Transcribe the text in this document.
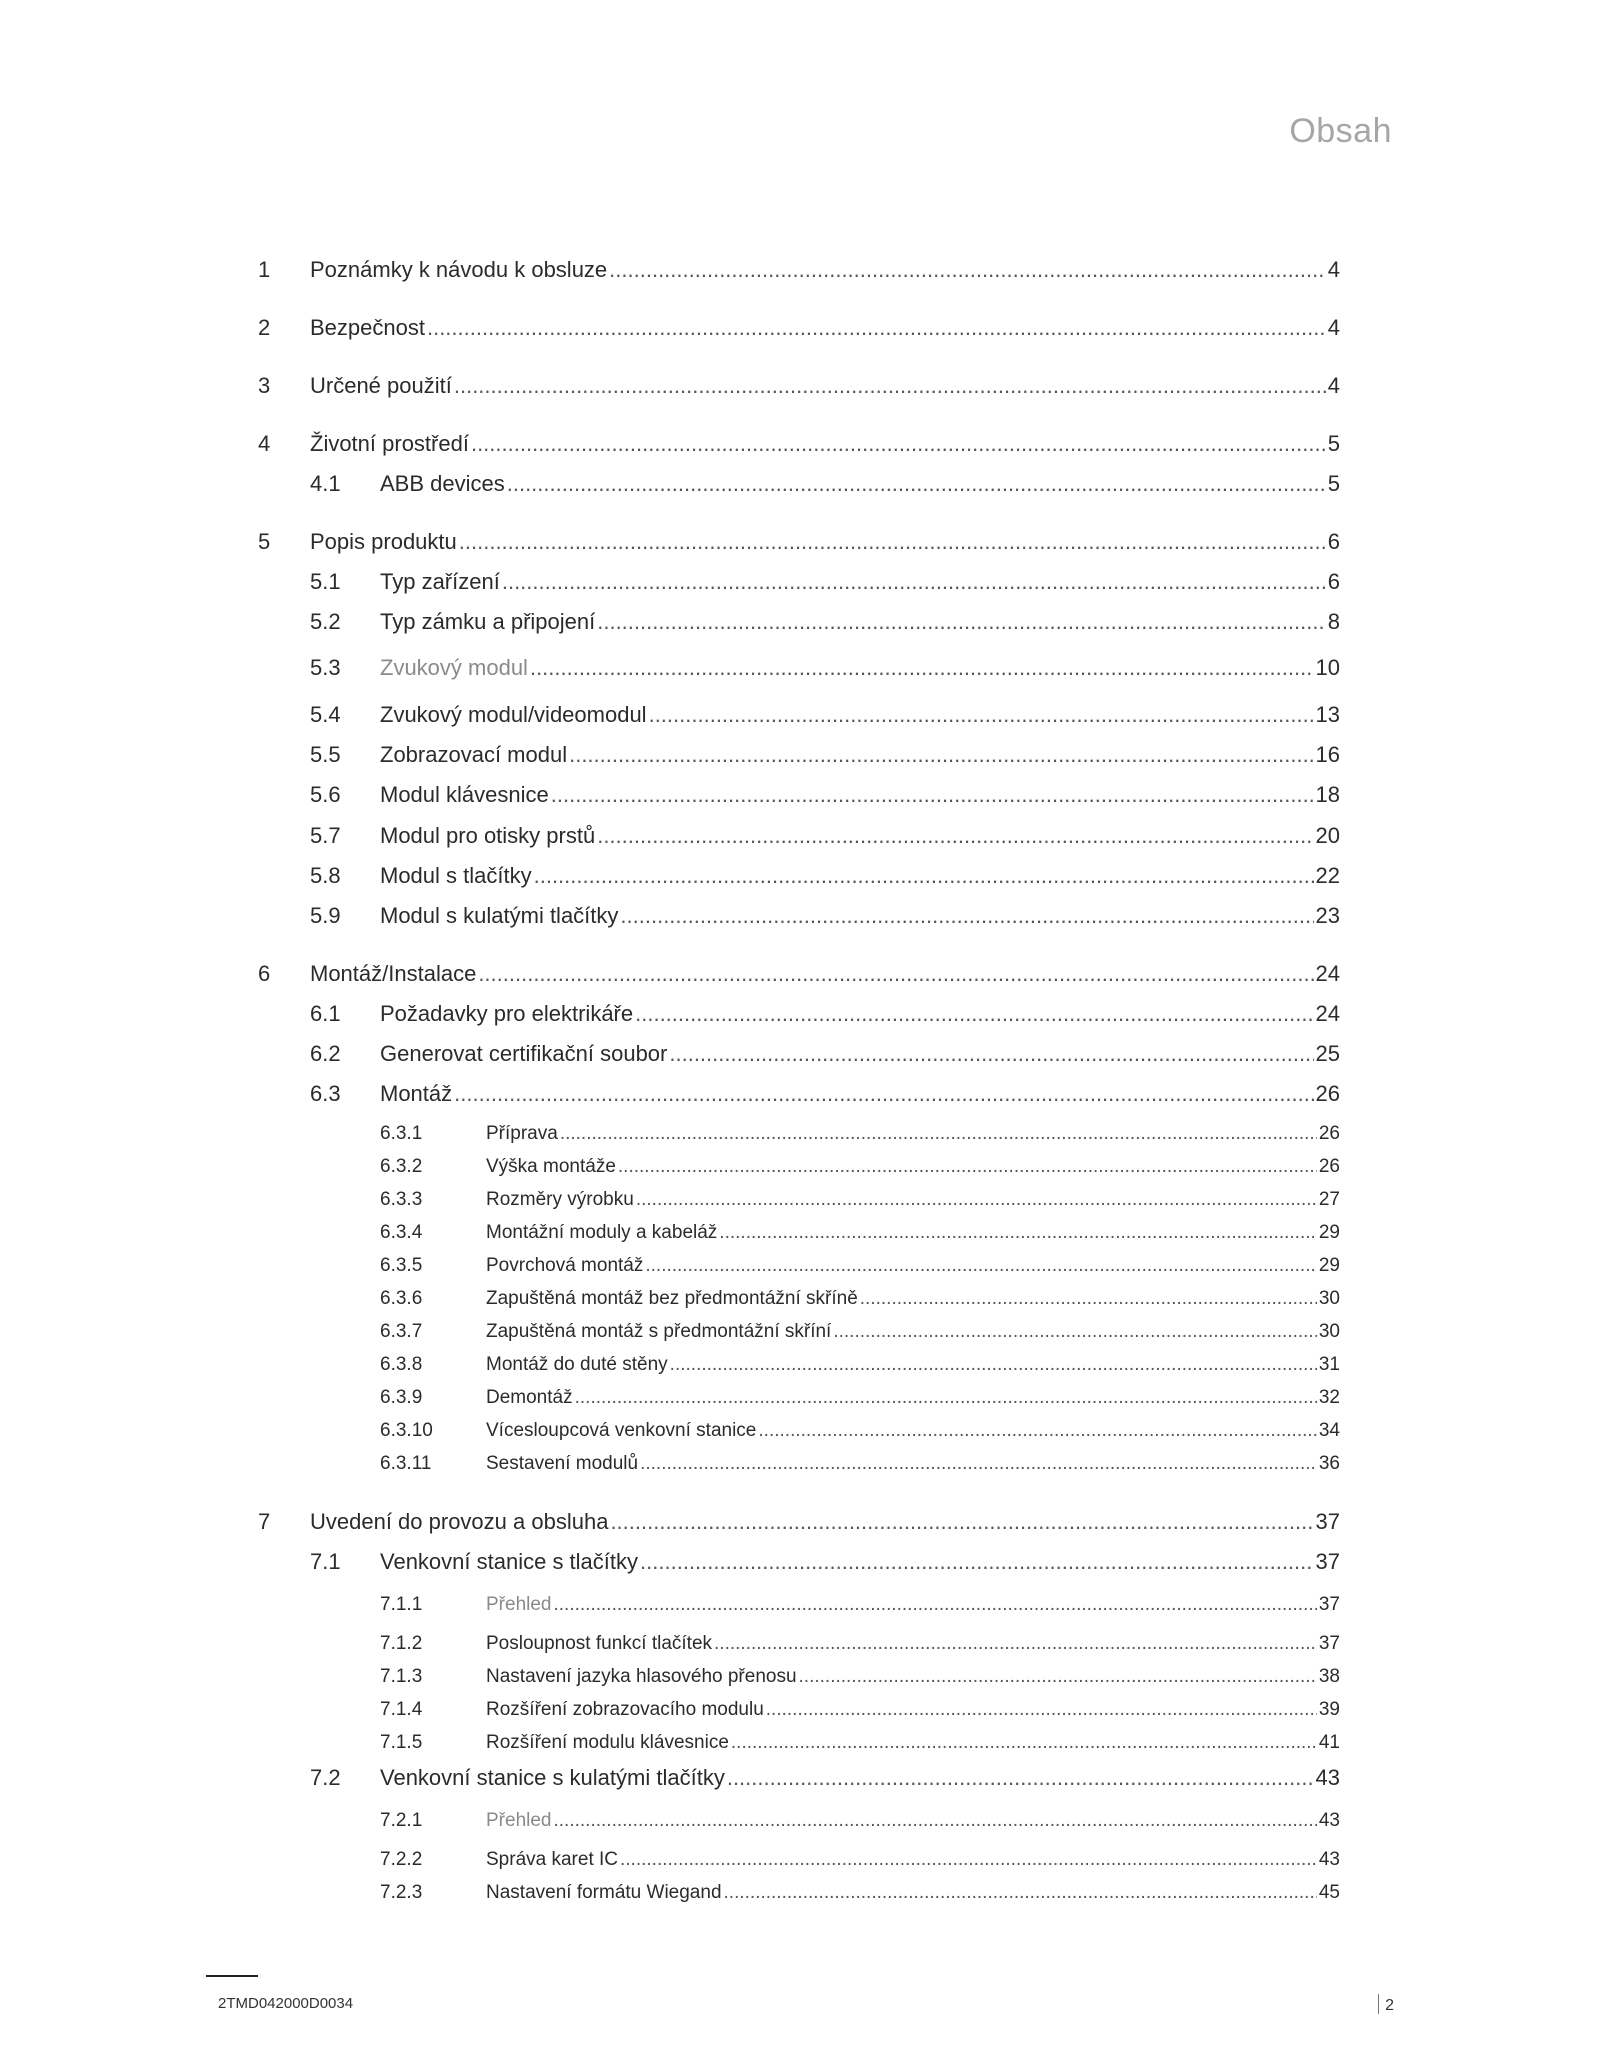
Obsah
1 Poznámky k návodu k obsluze .....	4
2 Bezpečnost .....	4
3 Určené použití .....	4
4 Životní prostředí .....	5
4.1 ABB devices .....	5
5 Popis produktu .....	6
5.1 Typ zařízení .....	6
5.2 Typ zámku a připojení .....	8
5.3 Zvukový modul .....	10
5.4 Zvukový modul/videomodul .....	13
5.5 Zobrazovací modul .....	16
5.6 Modul klávesnice .....	18
5.7 Modul pro otisky prstů .....	20
5.8 Modul s tlačítky .....	22
5.9 Modul s kulatými tlačítky .....	23
6 Montáž/Instalace .....	24
6.1 Požadavky pro elektrikáře .....	24
6.2 Generovat certifikační soubor .....	25
6.3 Montáž .....	26
6.3.1	Příprava .....	26
6.3.2	Výška montáže .....	26
6.3.3	Rozměry výrobku .....	27
6.3.4	Montážní moduly a kabeláž .....	29
6.3.5	Povrchová montáž .....	29
6.3.6	Zapuštěná montáž bez předmontážní skříně .....	30
6.3.7	Zapuštěná montáž s předmontážní skříní .....	30
6.3.8	Montáž do duté stěny .....	31
6.3.9	Demontáž .....	32
6.3.10	Vícesloupcová venkovní stanice .....	34
6.3.11	Sestavení modulů .....	36
7 Uvedení do provozu a obsluha .....	37
7.1 Venkovní stanice s tlačítky .....	37
7.1.1	Přehled .....	37
7.1.2	Posloupnost funkcí tlačítek .....	37
7.1.3	Nastavení jazyka hlasového přenosu .....	38
7.1.4	Rozšíření zobrazovacího modulu .....	39
7.1.5	Rozšíření modulu klávesnice .....	41
7.2 Venkovní stanice s kulatými tlačítky .....	43
7.2.1	Přehled .....	43
7.2.2	Správa karet IC .....	43
7.2.3	Nastavení formátu Wiegand .....	45
2TMD042000D0034	2
